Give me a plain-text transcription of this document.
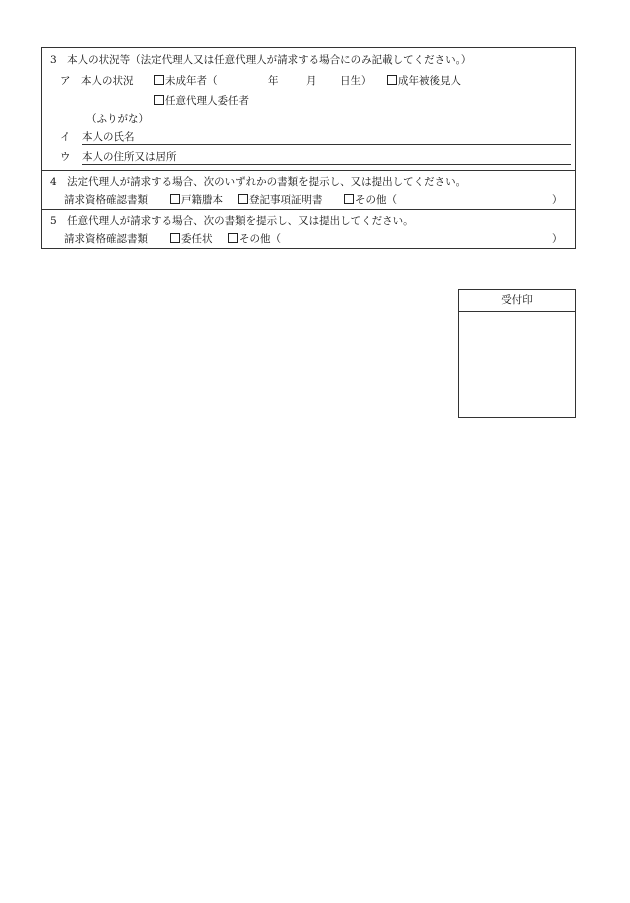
3　本人の状況等（法定代理人又は任意代理人が請求する場合にのみ記載してください。）
ア　本人の状況	未成年者（	年	月 日生）	成年被後見人
任意代理人委任者
（ふりがな）
イ 本人の氏名
ウ 本人の住所又は居所
4　法定代理人が請求する場合、次のいずれかの書類を提示し、又は提出してください。
請求資格確認書類	戸籍謄本	登記事項証明書	その他（	）
5　任意代理人が請求する場合、次の書類を提示し、又は提出してください。
請求資格確認書類	委任状	その他（	）
受付印
